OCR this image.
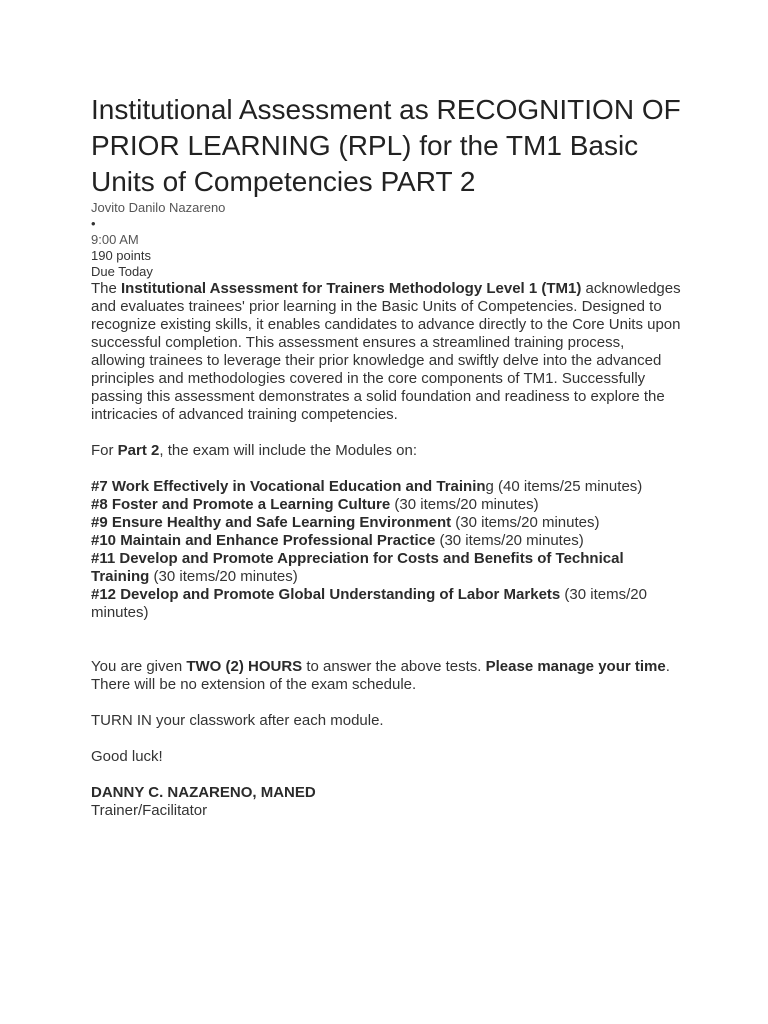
Institutional Assessment as RECOGNITION OF PRIOR LEARNING (RPL) for the TM1 Basic Units of Competencies PART 2
Jovito Danilo Nazareno
•
9:00 AM
190 points
Due Today

The Institutional Assessment for Trainers Methodology Level 1 (TM1) acknowledges and evaluates trainees' prior learning in the Basic Units of Competencies. Designed to recognize existing skills, it enables candidates to advance directly to the Core Units upon successful completion. This assessment ensures a streamlined training process, allowing trainees to leverage their prior knowledge and swiftly delve into the advanced principles and methodologies covered in the core components of TM1. Successfully passing this assessment demonstrates a solid foundation and readiness to explore the intricacies of advanced training competencies.

For Part 2, the exam will include the Modules on:

#7 Work Effectively in Vocational Education and Training (40 items/25 minutes)

#8 Foster and Promote a Learning Culture (30 items/20 minutes)

#9 Ensure Healthy and Safe Learning Environment (30 items/20 minutes)

#10 Maintain and Enhance Professional Practice (30 items/20 minutes)

#11 Develop and Promote Appreciation for Costs and Benefits of Technical Training (30 items/20 minutes)

#12 Develop and Promote Global Understanding of Labor Markets (30 items/20 minutes)

You are given TWO (2) HOURS to answer the above tests. Please manage your time. There will be no extension of the exam schedule.

TURN IN your classwork after each module.

Good luck!

DANNY C. NAZARENO, MANED

Trainer/Facilitator
